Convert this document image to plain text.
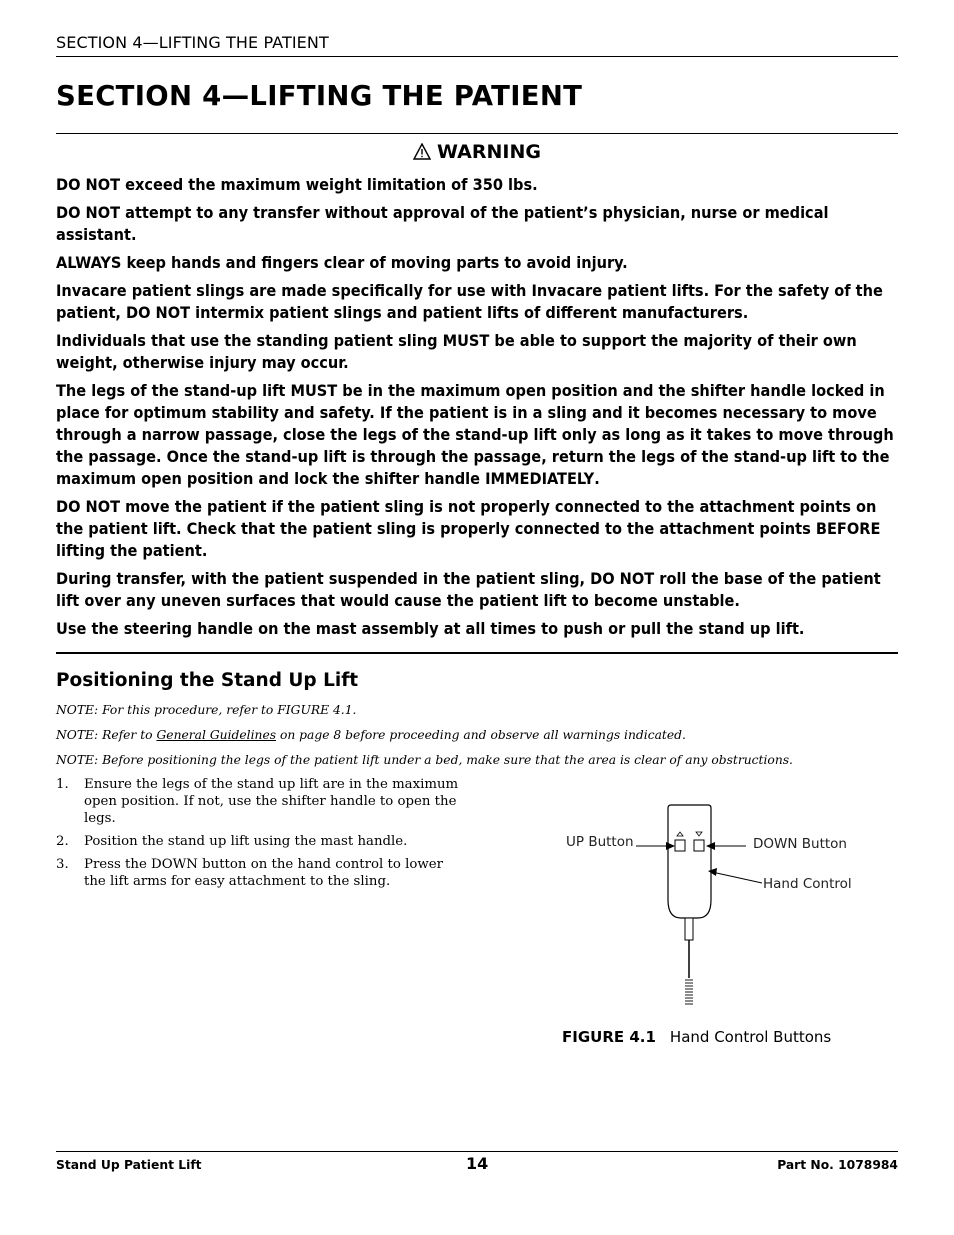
SECTION 4—LIFTING THE PATIENT
SECTION 4—LIFTING THE PATIENT
WARNING

DO NOT exceed the maximum weight limitation of 350 lbs.

DO NOT attempt to any transfer without approval of the patient’s physician, nurse or medical assistant.

ALWAYS keep hands and fingers clear of moving parts to avoid injury.

Invacare patient slings are made specifically for use with Invacare patient lifts. For the safety of the patient, DO NOT intermix patient slings and patient lifts of different manufacturers.

Individuals that use the standing patient sling MUST be able to support the majority of their own weight, otherwise injury may occur.

The legs of the stand-up lift MUST be in the maximum open position and the shifter handle locked in place for optimum stability and safety. If the patient is in a sling and it becomes necessary to move through a narrow passage, close the legs of the stand-up lift only as long as it takes to move through the passage. Once the stand-up lift is through the passage, return the legs of the stand-up lift to the maximum open position and lock the shifter handle IMMEDIATELY.

DO NOT move the patient if the patient sling is not properly connected to the attachment points on the patient lift. Check that the patient sling is properly connected to the attachment points BEFORE lifting the patient.

During transfer, with the patient suspended in the patient sling, DO NOT roll the base of the patient lift over any uneven surfaces that would cause the patient lift to become unstable.

Use the steering handle on the mast assembly at all times to push or pull the stand up lift.

Positioning the Stand Up Lift
NOTE: For this procedure, refer to FIGURE 4.1.
NOTE: Refer to General Guidelines on page 8 before proceeding and observe all warnings indicated.
NOTE: Before positioning the legs of the patient lift under a bed, make sure that the area is clear of any obstructions.
1. Ensure the legs of the stand up lift are in the maximum open position. If not, use the shifter handle to open the legs.
2. Position the stand up lift using the mast handle.
3. Press the DOWN button on the hand control to lower the lift arms for easy attachment to the sling.
UP Button	DOWN Button
Hand Control
FIGURE 4.1 Hand Control Buttons
Stand Up Patient Lift	14	Part No. 1078984
